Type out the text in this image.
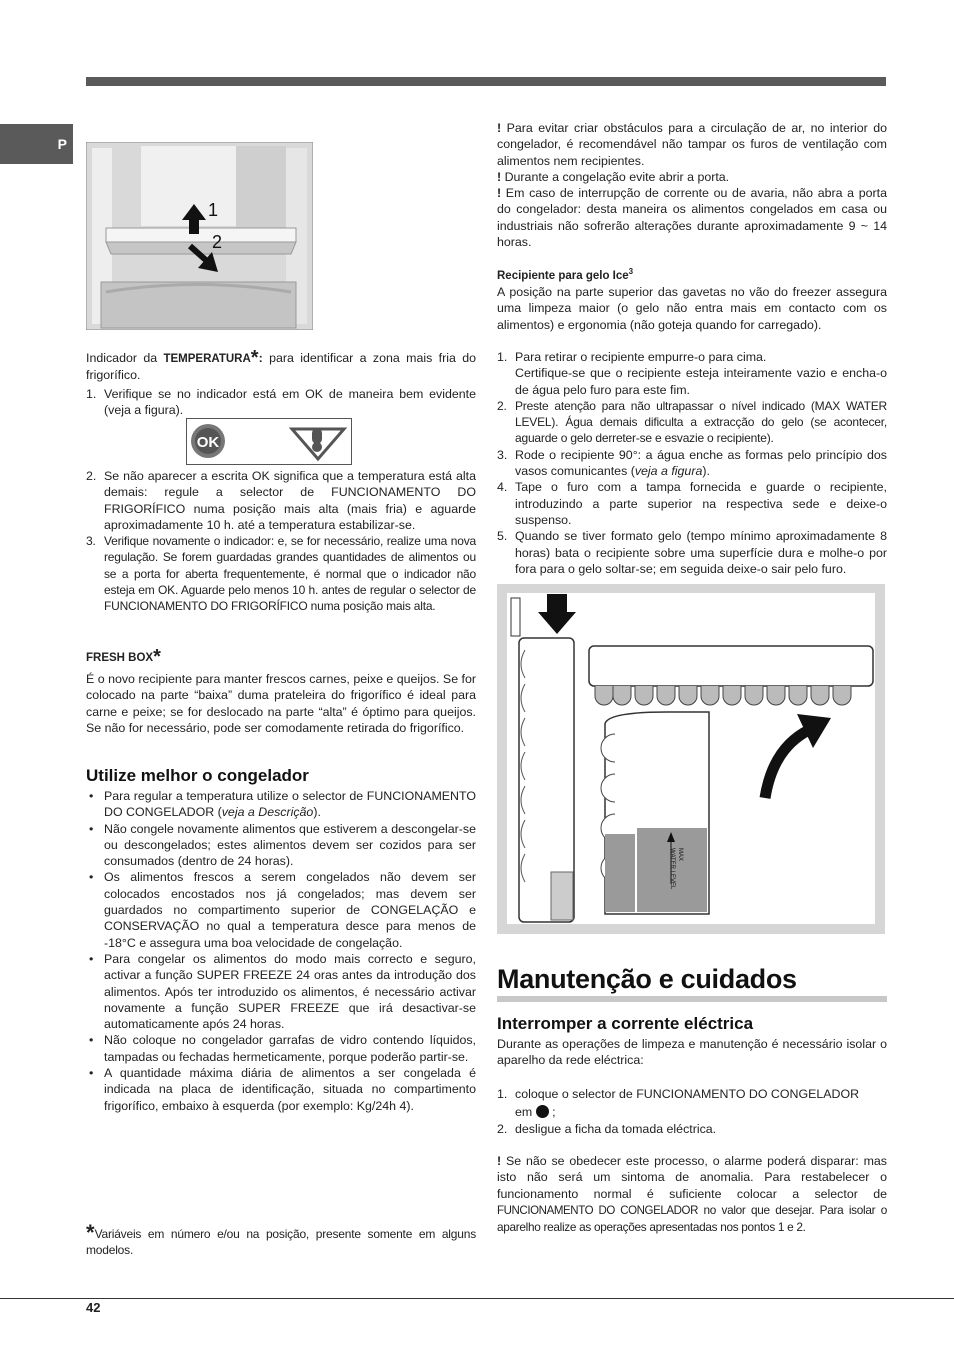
P
1
2
Indicador da TEMPERATURA*: para identificar a zona mais fria do frigorífico.
1. Verifique se no indicador está em OK de maneira bem evidente (veja a figura).
OK
2. Se não aparecer a escrita OK significa que a temperatura está alta demais: regule a selector de FUNCIONAMENTO DO FRIGORÍFICO numa posição mais alta (mais fria) e aguarde aproximadamente 10 h. até a temperatura estabilizar-se.
3. Verifique novamente o indicador: e, se for necessário, realize uma nova regulação. Se forem guardadas grandes quantidades de alimentos ou se a porta for aberta frequentemente, é normal que o indicador não esteja em OK. Aguarde pelo menos 10 h. antes de regular o selector de FUNCIONAMENTO DO FRIGORÍFICO numa posição mais alta.
FRESH BOX*
É o novo recipiente para manter frescos carnes, peixe e queijos. Se for colocado na parte “baixa” duma prateleira do frigorífico é ideal para carne e peixe; se for deslocado na parte “alta” é óptimo para queijos. Se não for necessário, pode ser comodamente retirada do frigorífico.
Utilize melhor o congelador
• Para regular a temperatura utilize o selector de FUNCIONAMENTO DO CONGELADOR (veja a Descrição).
• Não congele novamente alimentos que estiverem a descongelar-se ou descongelados; estes alimentos devem ser cozidos para ser consumados (dentro de 24 horas).
• Os alimentos frescos a serem congelados não devem ser colocados encostados nos já congelados; mas devem ser guardados no compartimento superior de CONGELAÇÃO e CONSERVAÇÃO no qual a temperatura desce para menos de -18°C e assegura uma boa velocidade de congelação.
• Para congelar os alimentos do modo mais correcto e seguro, activar a função SUPER FREEZE 24 oras antes da introdução dos alimentos. Após ter introduzido os alimentos, é necessário activar novamente a função SUPER FREEZE que irá desactivar-se automaticamente após 24 horas.
• Não coloque no congelador garrafas de vidro contendo líquidos, tampadas ou fechadas hermeticamente, porque poderão partir-se.
• A quantidade máxima diária de alimentos a ser congelada é indicada na placa de identificação, situada no compartimento frigorífico, embaixo à esquerda (por exemplo: Kg/24h 4).
*Variáveis em número e/ou na posição, presente somente em alguns modelos.
! Para evitar criar obstáculos para a circulação de ar, no interior do congelador, é recomendável não tampar os furos de ventilação com alimentos nem recipientes.
! Durante a congelação evite abrir a porta.
! Em caso de interrupção de corrente ou de avaria, não abra a porta do congelador: desta maneira os alimentos congelados em casa ou industriais não sofrerão alterações durante aproximadamente 9 ~ 14 horas.
Recipiente para gelo Ice$^3$
A posição na parte superior das gavetas no vão do freezer assegura uma limpeza maior (o gelo não entra mais em contacto com os alimentos) e ergonomia (não goteja quando for carregado).
1. Para retirar o recipiente empurre-o para cima.
Certifique-se que o recipiente esteja inteiramente vazio e encha-o de água pelo furo para este fim.
2. Preste atenção para não ultrapassar o nível indicado (MAX WATER LEVEL). Água demais dificulta a extracção do gelo (se acontecer, aguarde o gelo derreter-se e esvazie o recipiente).
3. Rode o recipiente 90°: a água enche as formas pelo princípio dos vasos comunicantes (veja a figura).
4. Tape o furo com a tampa fornecida e guarde o recipiente, introduzindo a parte superior na respectiva sede e deixe-o suspenso.
5. Quando se tiver formato gelo (tempo mínimo aproximadamente 8 horas) bata o recipiente sobre uma superfície dura e molhe-o por fora para o gelo soltar-se; em seguida deixe-o sair pelo furo.
MAX
WATER LEVEL
Manutenção e cuidados
Interromper a corrente eléctrica
Durante as operações de limpeza e manutenção é necessário isolar o aparelho da rede eléctrica:
1. coloque o selector de FUNCIONAMENTO DO CONGELADOR
em ;
2. desligue a ficha da tomada eléctrica.
! Se não se obedecer este processo, o alarme poderá disparar: mas isto não será um sintoma de anomalia. Para restabelecer o funcionamento normal é suficiente colocar a selector de FUNCIONAMENTO DO CONGELADOR no valor que desejar. Para isolar o aparelho realize as operações apresentadas nos pontos 1 e 2.
42
